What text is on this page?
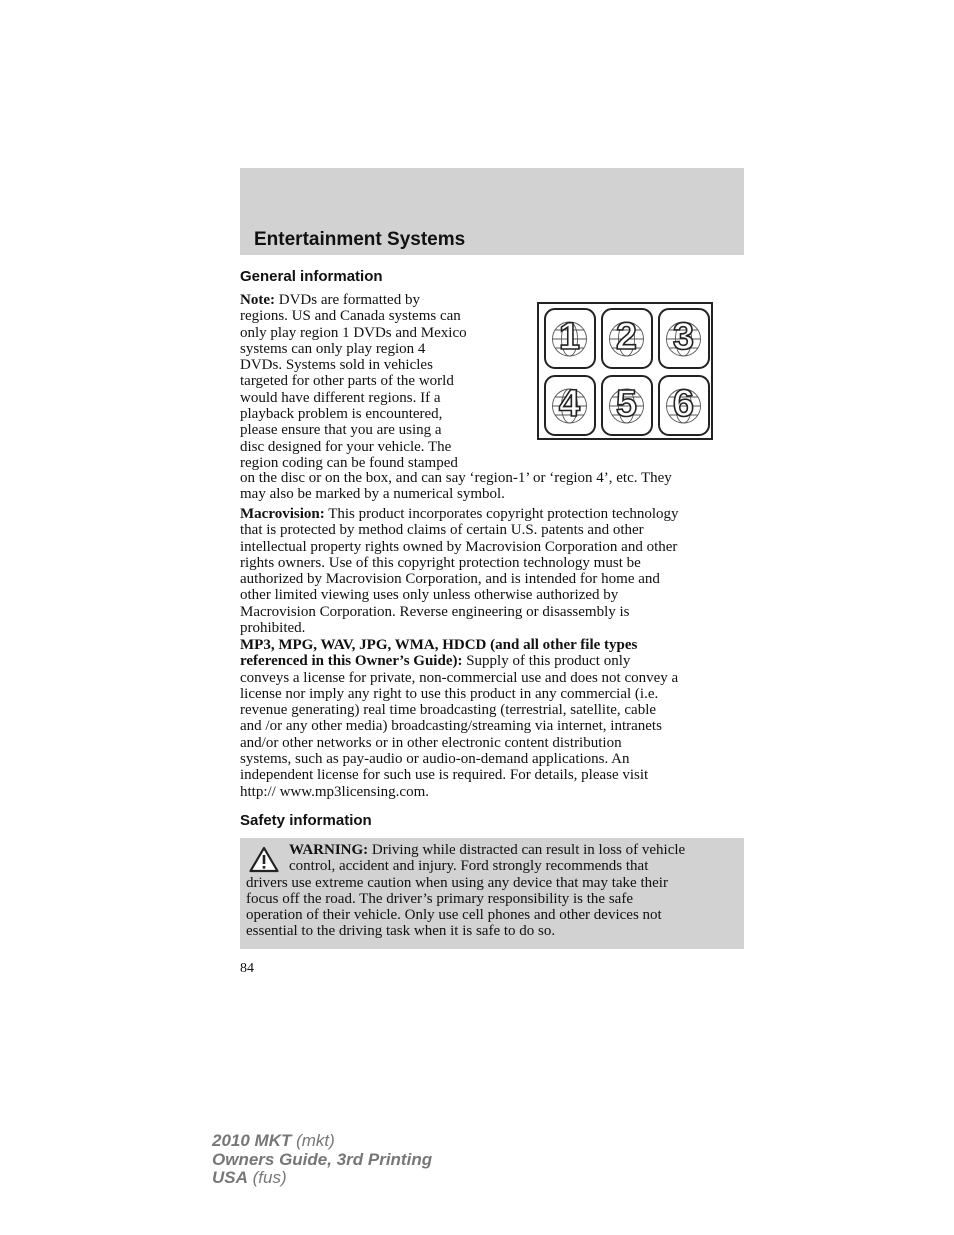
Entertainment Systems
General information
Note: DVDs are formatted by
regions. US and Canada systems can
only play region 1 DVDs and Mexico
systems can only play region 4
DVDs. Systems sold in vehicles
targeted for other parts of the world
would have different regions. If a
playback problem is encountered,
please ensure that you are using a
disc designed for your vehicle. The
region coding can be found stamped
on the disc or on the box, and can say ‘region-1’ or ‘region 4’, etc. They
may also be marked by a numerical symbol.
1 2 3
4 5 6
Macrovision: This product incorporates copyright protection technology
that is protected by method claims of certain U.S. patents and other
intellectual property rights owned by Macrovision Corporation and other
rights owners. Use of this copyright protection technology must be
authorized by Macrovision Corporation, and is intended for home and
other limited viewing uses only unless otherwise authorized by
Macrovision Corporation. Reverse engineering or disassembly is
prohibited.
MP3, MPG, WAV, JPG, WMA, HDCD (and all other file types
referenced in this Owner’s Guide): Supply of this product only
conveys a license for private, non-commercial use and does not convey a
license nor imply any right to use this product in any commercial (i.e.
revenue generating) real time broadcasting (terrestrial, satellite, cable
and /or any other media) broadcasting/streaming via internet, intranets
and/or other networks or in other electronic content distribution
systems, such as pay-audio or audio-on-demand applications. An
independent license for such use is required. For details, please visit
http:// www.mp3licensing.com.
Safety information
WARNING: Driving while distracted can result in loss of vehicle
control, accident and injury. Ford strongly recommends that
drivers use extreme caution when using any device that may take their
focus off the road. The driver’s primary responsibility is the safe
operation of their vehicle. Only use cell phones and other devices not
essential to the driving task when it is safe to do so.
84
2010 MKT (mkt)
Owners Guide, 3rd Printing
USA (fus)
